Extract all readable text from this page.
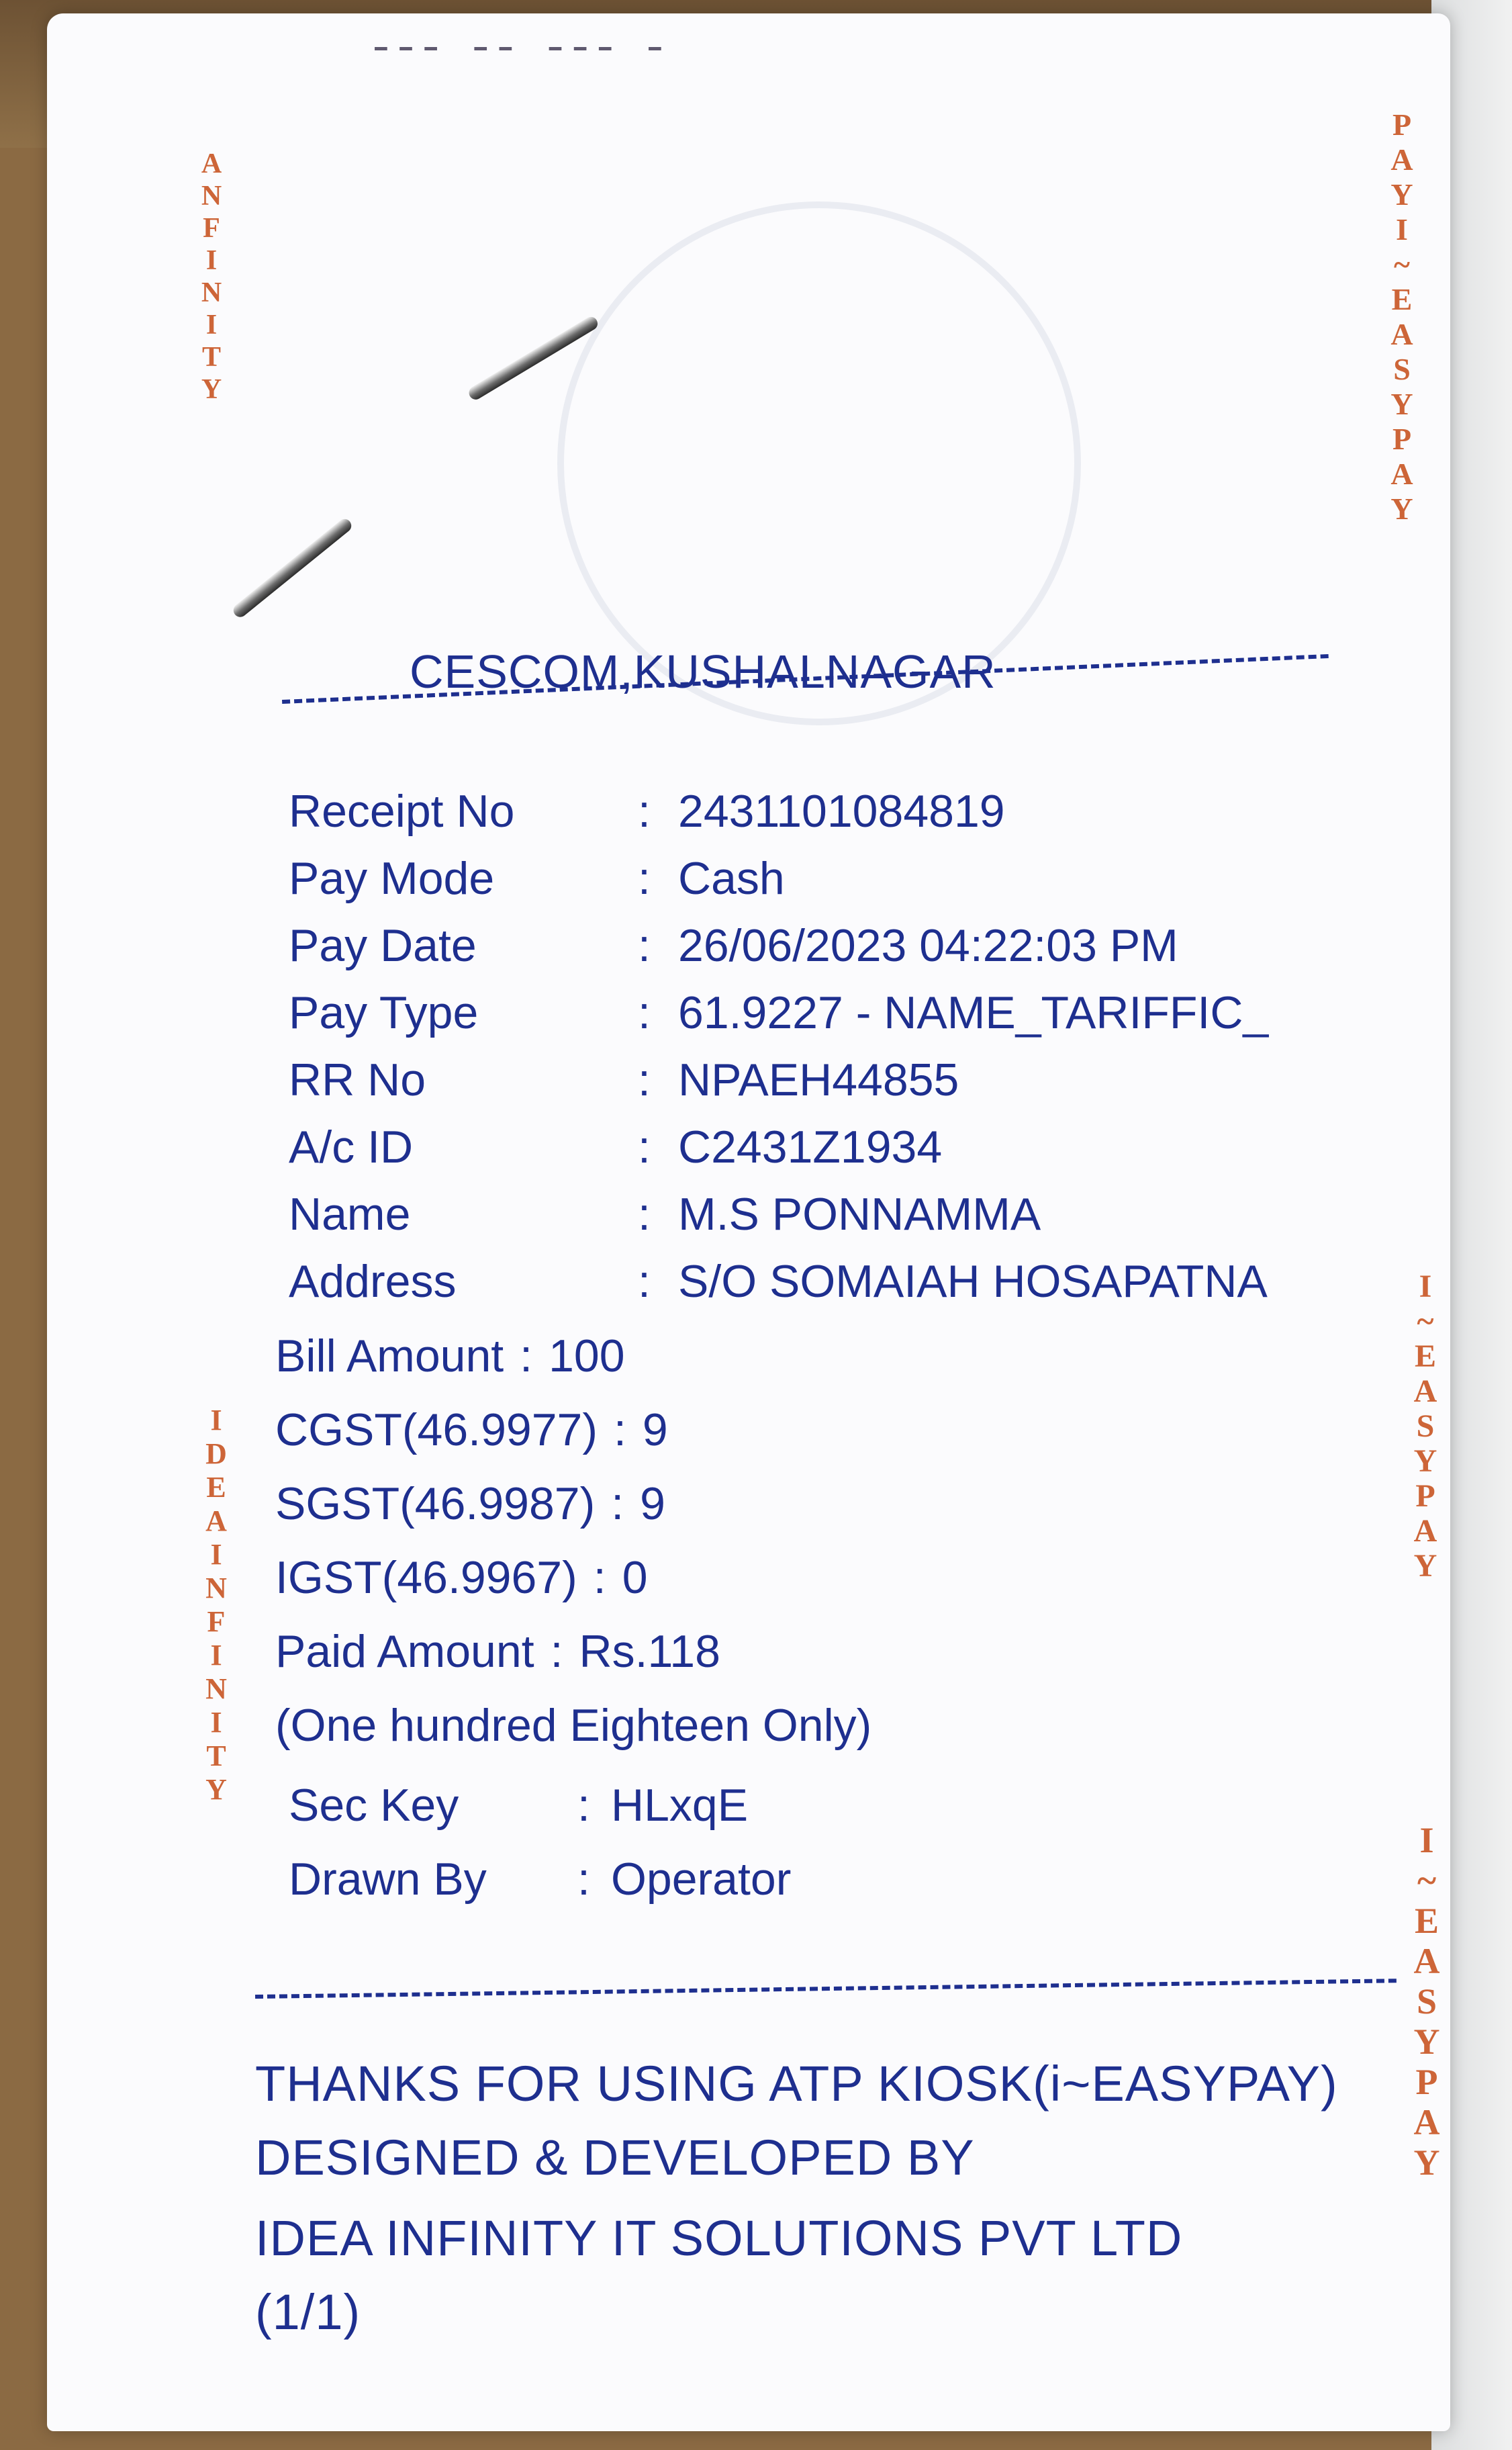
╶╶╶ ╶╶ ╶╶╶ ╶
A
N
F
I
N
I
T
Y
P
A
Y
I
~
E
A
S
Y
P
A
Y
I
~
E
A
S
Y
P
A
Y
I
~
E
A
S
Y
P
A
Y
I
D
E
A
I
N
F
I
N
I
T
Y
CESCOM,KUSHALNAGAR
Receipt No	: 2431101084819
Pay Mode	: Cash
Pay Date	: 26/06/2023 04:22:03 PM
Pay Type	: 61.9227 - NAME_TARIFFIC_
RR No	: NPAEH44855
A/c ID	: C2431Z1934
Name	: M.S PONNAMMA
Address	: S/O SOMAIAH HOSAPATNA
Bill Amount : 100
CGST(46.9977) : 9
SGST(46.9987) : 9
IGST(46.9967) : 0
Paid Amount : Rs.118
(One hundred Eighteen Only)
Sec Key	: HLxqE
Drawn By : Operator
THANKS FOR USING ATP KIOSK(i~EASYPAY)
DESIGNED & DEVELOPED BY
IDEA INFINITY IT SOLUTIONS PVT LTD
(1/1)
